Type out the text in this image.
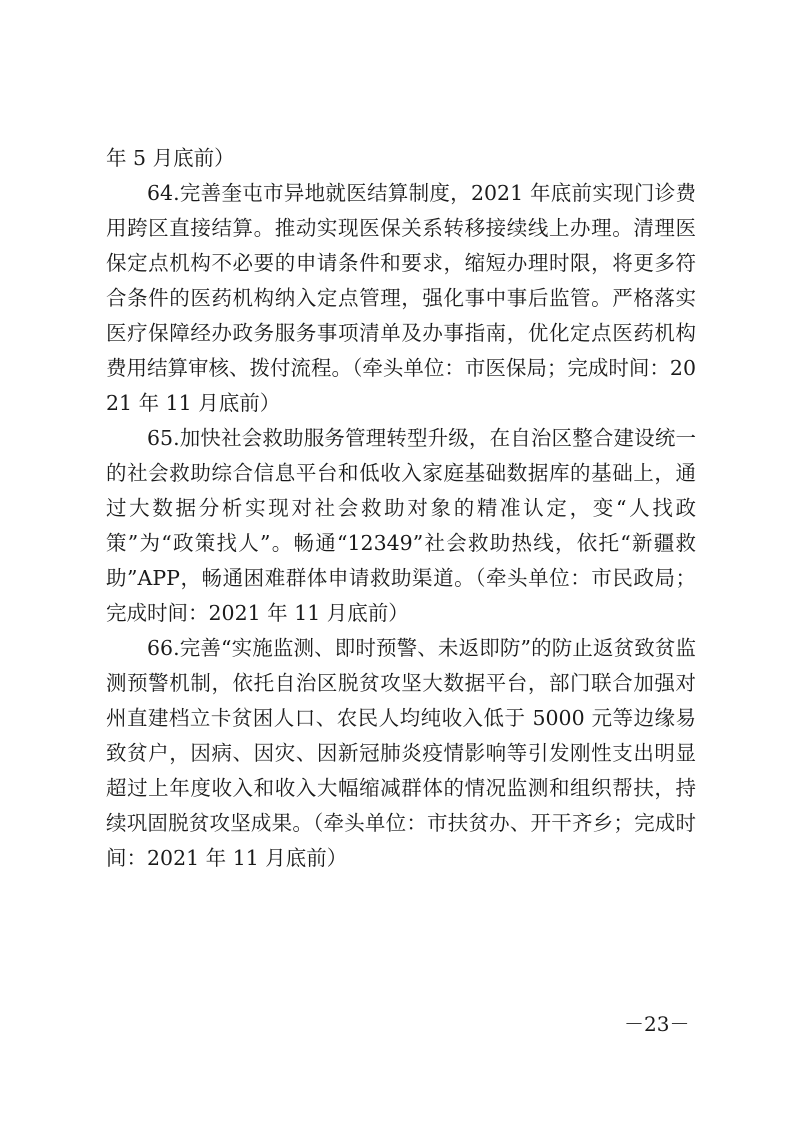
年 5 月底前）

64.完善奎屯市异地就医结算制度，2021 年底前实现门诊费用跨区直接结算。推动实现医保关系转移接续线上办理。清理医保定点机构不必要的申请条件和要求，缩短办理时限，将更多符合条件的医药机构纳入定点管理，强化事中事后监管。严格落实医疗保障经办政务服务事项清单及办事指南，优化定点医药机构费用结算审核、拨付流程。（牵头单位：市医保局；完成时间：2021 年 11 月底前）

65.加快社会救助服务管理转型升级，在自治区整合建设统一的社会救助综合信息平台和低收入家庭基础数据库的基础上，通过大数据分析实现对社会救助对象的精准认定，变“人找政策”为“政策找人”。畅通“12349”社会救助热线，依托“新疆救助”APP，畅通困难群体申请救助渠道。（牵头单位：市民政局；完成时间：2021 年 11 月底前）

66.完善“实施监测、即时预警、未返即防”的防止返贫致贫监测预警机制，依托自治区脱贫攻坚大数据平台，部门联合加强对州直建档立卡贫困人口、农民人均纯收入低于 5000 元等边缘易致贫户，因病、因灾、因新冠肺炎疫情影响等引发刚性支出明显超过上年度收入和收入大幅缩减群体的情况监测和组织帮扶，持续巩固脱贫攻坚成果。（牵头单位：市扶贫办、开干齐乡；完成时间：2021 年 11 月底前）

－23－
